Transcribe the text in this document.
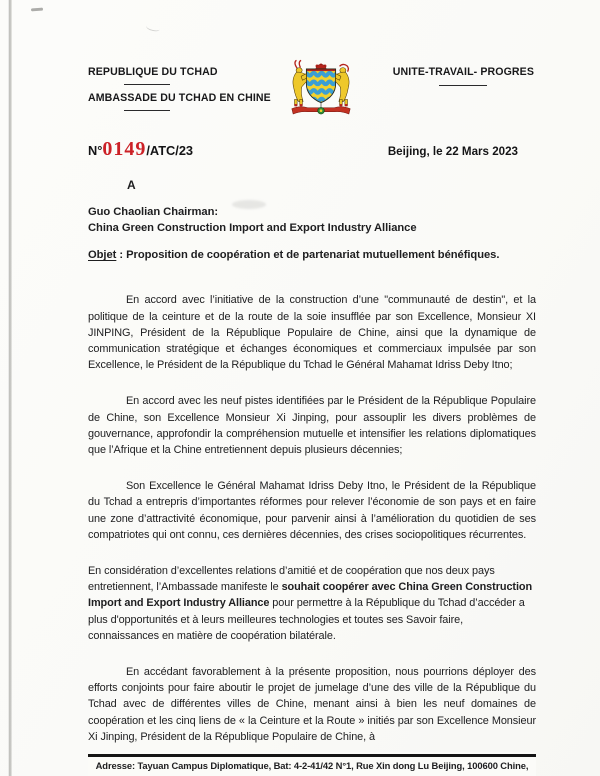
REPUBLIQUE DU TCHAD
AMBASSADE DU TCHAD EN CHINE
UNITE-TRAVAIL- PROGRES
N°0149/ATC/23	Beijing, le 22 Mars 2023
A
Guo Chaolian Chairman:
China Green Construction Import and Export Industry Alliance
Objet : Proposition de coopération et de partenariat mutuellement bénéfiques.

En accord avec l’initiative de la construction d’une "communauté de destin", et la politique de la ceinture et de la route de la soie insufflée par son Excellence, Monsieur XI JINPING, Président de la République Populaire de Chine, ainsi que la dynamique de communication stratégique et échanges économiques et commerciaux impulsée par son Excellence, le Président de la République du Tchad le Général Mahamat Idriss Deby Itno;

En accord avec les neuf pistes identifiées par le Président de la République Populaire de Chine, son Excellence Monsieur Xi Jinping, pour assouplir les divers problèmes de gouvernance, approfondir la compréhension mutuelle et intensifier les relations diplomatiques que l’Afrique et la Chine entretiennent depuis plusieurs décennies;

Son Excellence le Général Mahamat Idriss Deby Itno, le Président de la République du Tchad a entrepris d’importantes réformes pour relever l’économie de son pays et en faire une zone d’attractivité économique, pour parvenir ainsi à l’amélioration du quotidien de ses compatriotes qui ont connu, ces dernières décennies, des crises sociopolitiques récurrentes.

En considération d’excellentes relations d’amitié et de coopération que nos deux pays entretiennent, l’Ambassade manifeste le souhait coopérer avec China Green Construction Import and Export Industry Alliance pour permettre à la République du Tchad d’accéder a plus d'opportunités et à leurs meilleures technologies et toutes ses Savoir faire, connaissances en matière de coopération bilatérale.

En accédant favorablement à la présente proposition, nous pourrions déployer des efforts conjoints pour faire aboutir le projet de jumelage d’une des ville de la République du Tchad avec de différentes villes de Chine, menant ainsi à bien les neuf domaines de coopération et les cinq liens de « la Ceinture et la Route » initiés par son Excellence Monsieur Xi Jinping, Président de la République Populaire de Chine, à

Adresse: Tayuan Campus Diplomatique, Bat: 4-2-41/42 N°1, Rue Xin dong Lu Beijing, 100600 Chine,
